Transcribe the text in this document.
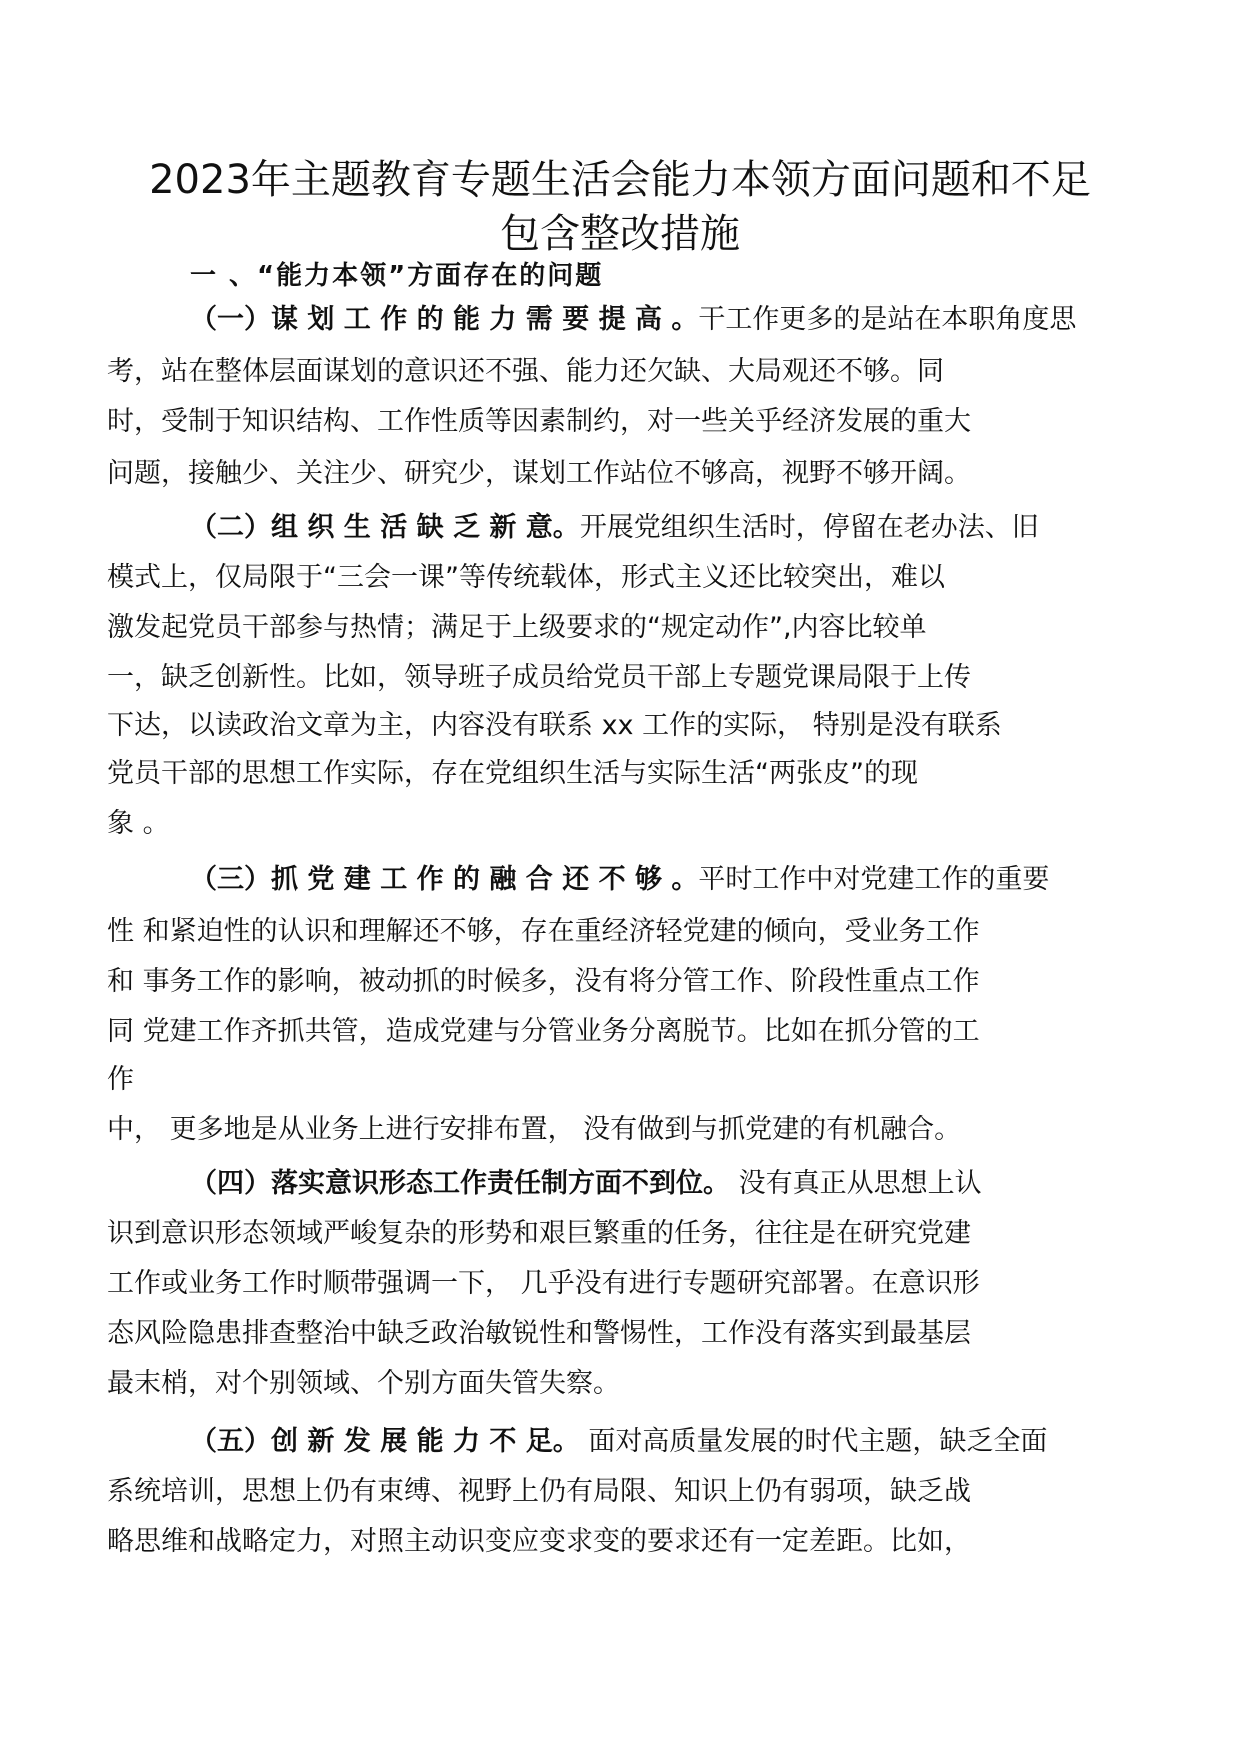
2023年主题教育专题生活会能力本领方面问题和不足
包含整改措施
一 、“能力本领”方面存在的问题
（一）谋 划 工 作 的 能 力 需 要 提 高 。干工作更多的是站在本职角度思
考，站在整体层面谋划的意识还不强、能力还欠缺、大局观还不够。同
时，受制于知识结构、工作性质等因素制约，对一些关乎经济发展的重大
问题，接触少、关注少、研究少，谋划工作站位不够高，视野不够开阔。
（二）组 织 生 活 缺 乏 新 意。开展党组织生活时，停留在老办法、旧
模式上，仅局限于“三会一课”等传统载体，形式主义还比较突出，难以
激发起党员干部参与热情；满足于上级要求的“规定动作”,内容比较单
一，缺乏创新性。比如，领导班子成员给党员干部上专题党课局限于上传
下达，以读政治文章为主，内容没有联系 xx 工作的实际， 特别是没有联系
党员干部的思想工作实际，存在党组织生活与实际生活“两张皮”的现
象 。
（三）抓 党 建 工 作 的 融 合 还 不 够 。平时工作中对党建工作的重要
性 和紧迫性的认识和理解还不够，存在重经济轻党建的倾向，受业务工作
和 事务工作的影响，被动抓的时候多，没有将分管工作、阶段性重点工作
同 党建工作齐抓共管，造成党建与分管业务分离脱节。比如在抓分管的工
作
中， 更多地是从业务上进行安排布置， 没有做到与抓党建的有机融合。
（四）落实意识形态工作责任制方面不到位。 没有真正从思想上认
识到意识形态领域严峻复杂的形势和艰巨繁重的任务，往往是在研究党建
工作或业务工作时顺带强调一下， 几乎没有进行专题研究部署。在意识形
态风险隐患排查整治中缺乏政治敏锐性和警惕性，工作没有落实到最基层
最末梢，对个别领域、个别方面失管失察。
（五）创 新 发 展 能 力 不 足。 面对高质量发展的时代主题，缺乏全面
系统培训，思想上仍有束缚、视野上仍有局限、知识上仍有弱项，缺乏战
略思维和战略定力，对照主动识变应变求变的要求还有一定差距。比如，
